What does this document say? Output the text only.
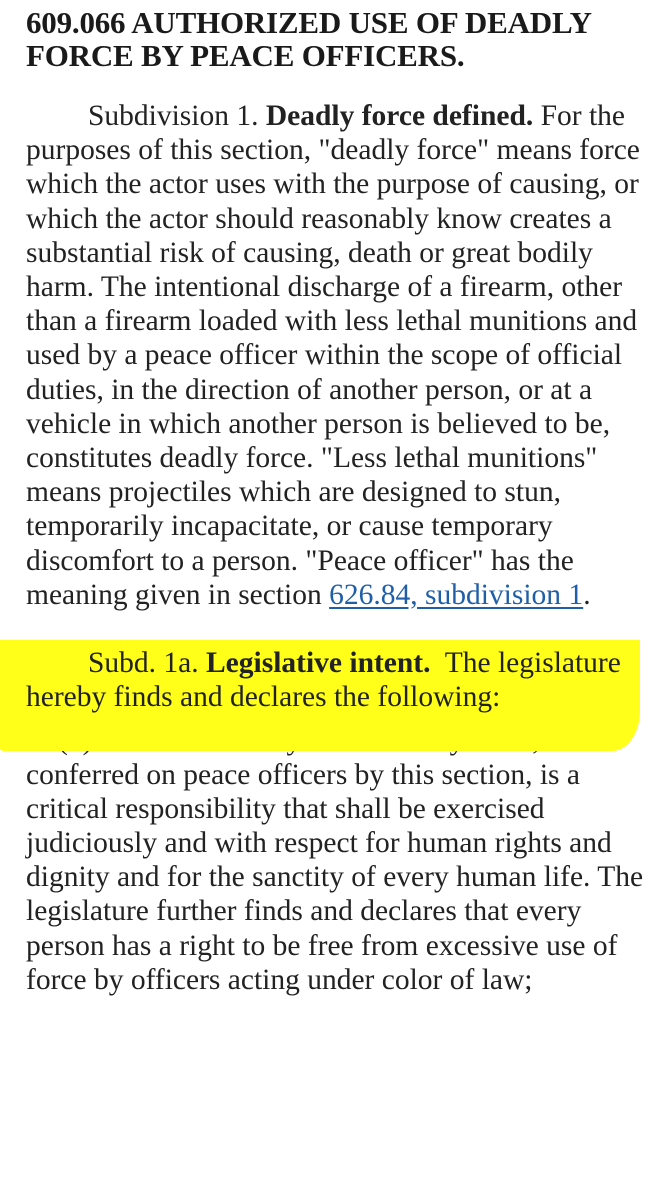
609.066 AUTHORIZED USE OF DEADLY FORCE BY PEACE OFFICERS.

Subdivision 1. Deadly force defined. For the purposes of this section, "deadly force" means force which the actor uses with the purpose of causing, or which the actor should reasonably know creates a substantial risk of causing, death or great bodily harm. The intentional discharge of a firearm, other than a firearm loaded with less lethal munitions and used by a peace officer within the scope of official duties, in the direction of another person, or at a vehicle in which another person is believed to be, constitutes deadly force. "Less lethal munitions" means projectiles which are designed to stun, temporarily incapacitate, or cause temporary discomfort to a person. "Peace officer" has the meaning given in section 626.84, subdivision 1.

Subd. 1a. Legislative intent. The legislature hereby finds and declares the following:

conferred on peace officers by this section, is a critical responsibility that shall be exercised judiciously and with respect for human rights and dignity and for the sanctity of every human life. The legislature further finds and declares that every person has a right to be free from excessive use of force by officers acting under color of law;
